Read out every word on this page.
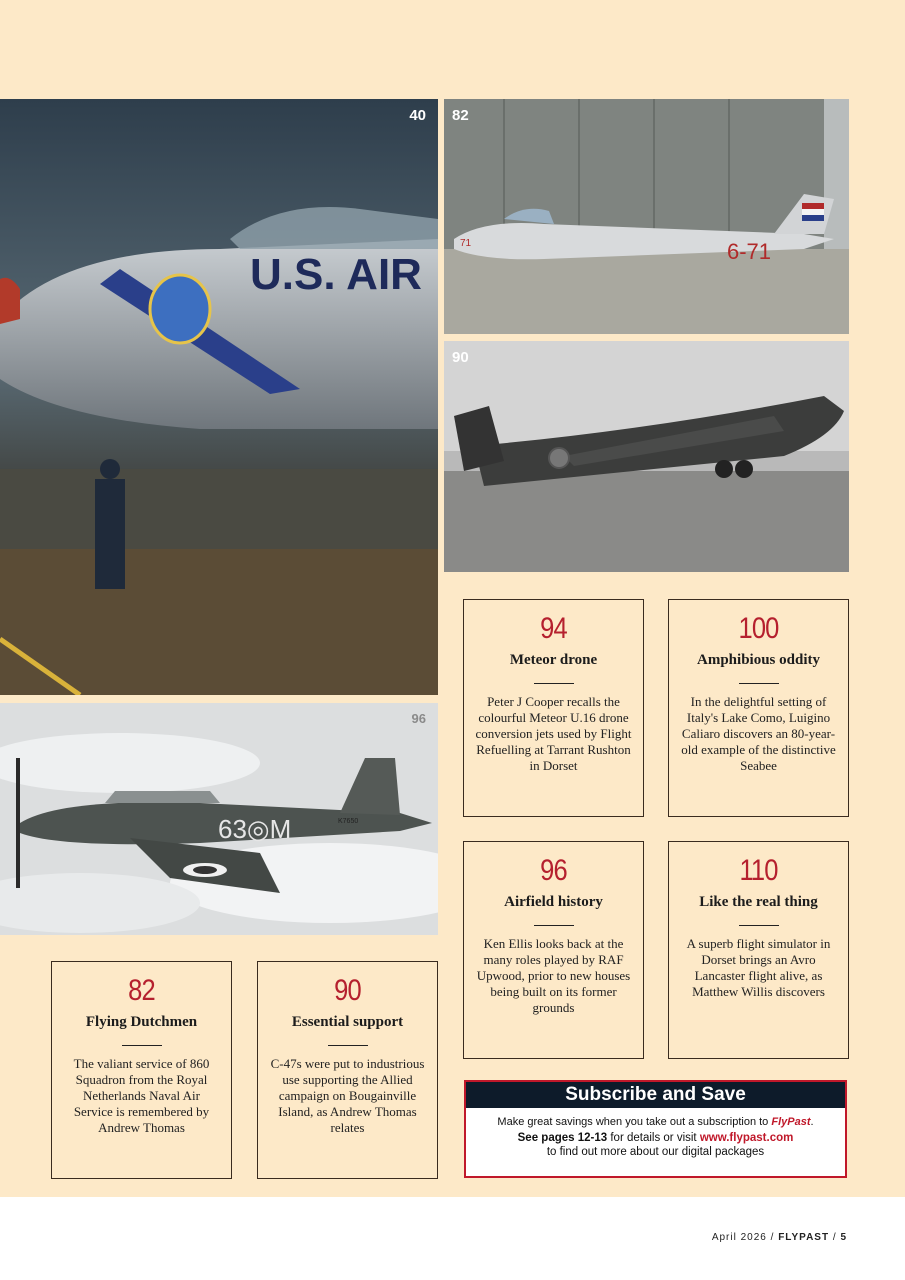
U.S. AIR
40
6-71
71
82
90
63◎M	K7650
96
94
Meteor drone
Peter J Cooper recalls the colourful Meteor U.16 drone conversion jets used by Flight Refuelling at Tarrant Rushton in Dorset
100
Amphibious oddity
In the delightful setting of Italy's Lake Como, Luigino Caliaro discovers an 80-year-old example of the distinctive Seabee
96
Airfield history
Ken Ellis looks back at the many roles played by RAF Upwood, prior to new houses being built on its former grounds
110
Like the real thing
A superb flight simulator in Dorset brings an Avro Lancaster flight alive, as Matthew Willis discovers
82
Flying Dutchmen
The valiant service of 860 Squadron from the Royal Netherlands Naval Air Service is remembered by Andrew Thomas
90
Essential support
C-47s were put to industrious use supporting the Allied campaign on Bougainville Island, as Andrew Thomas relates
Subscribe and Save
Make great savings when you take out a subscription to FlyPast.
See pages 12-13 for details or visit www.flypast.com
to find out more about our digital packages
April 2026 / FLYPAST / 5
